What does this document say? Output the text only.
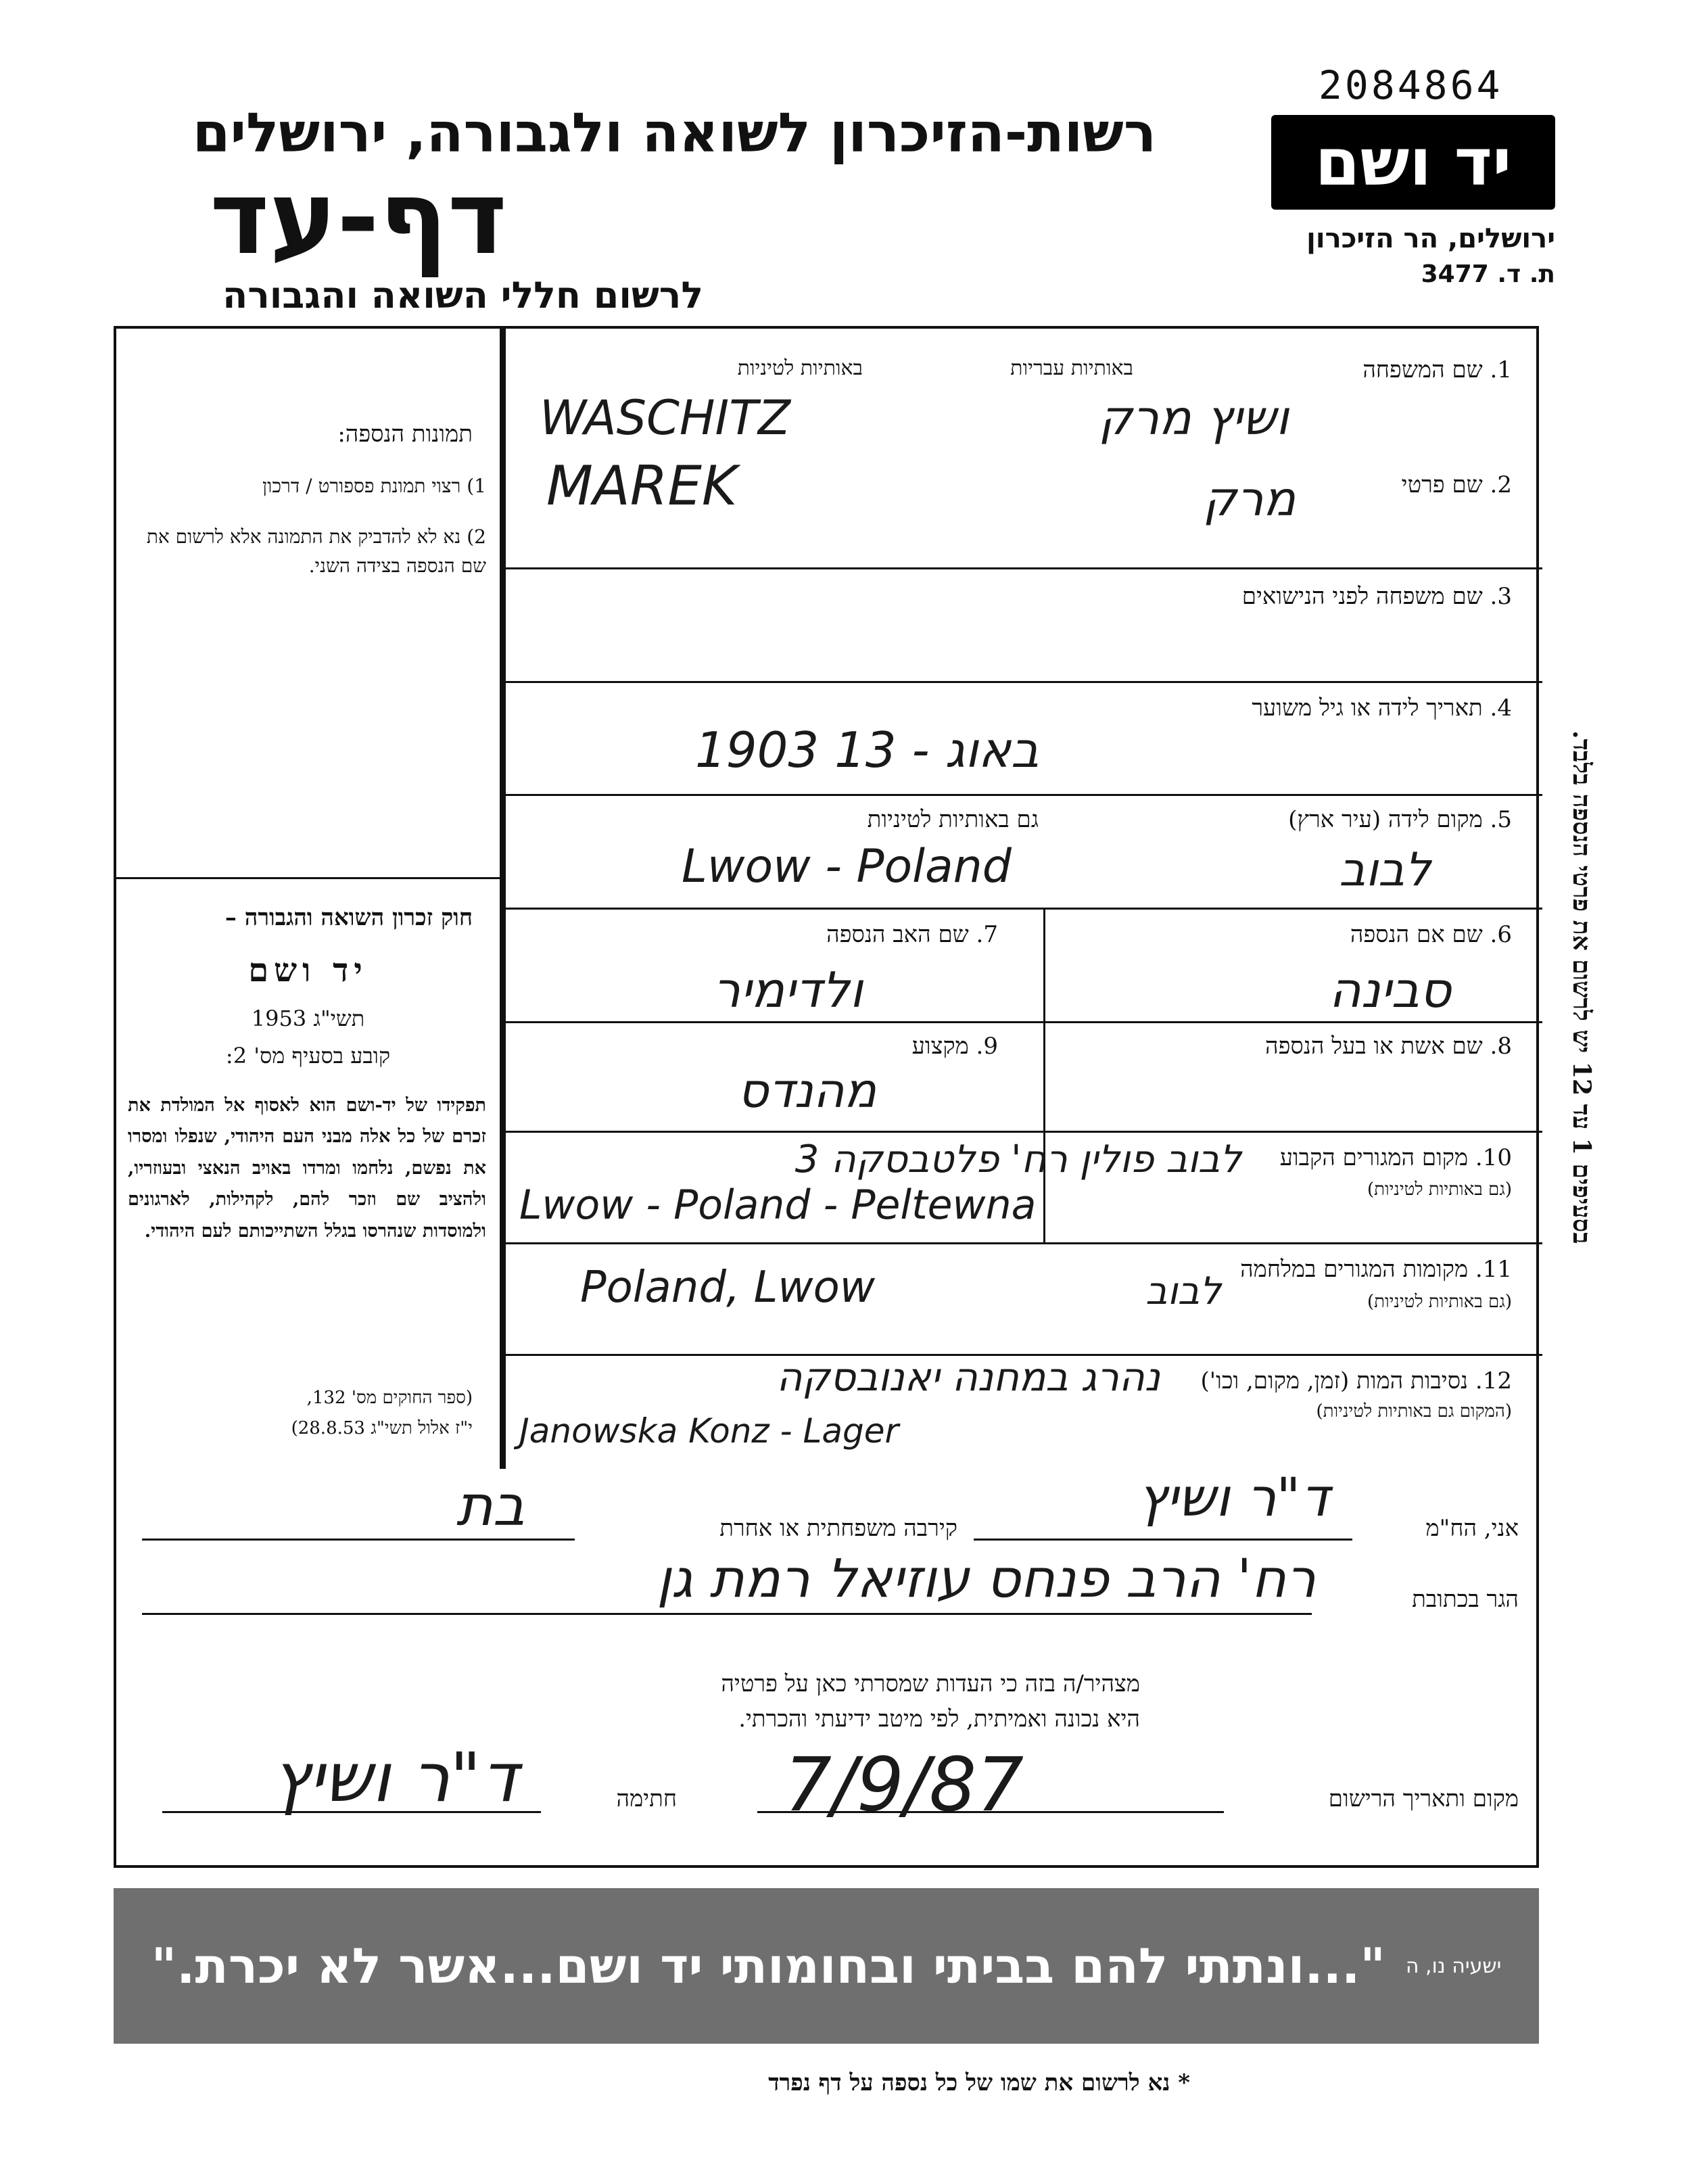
2084864
יד ושם
ירושלים, הר הזיכרון
ת. ד. 3477
רשות-הזיכרון לשואה ולגבורה, ירושלים
דף-עד
לרשום חללי השואה והגבורה
תמונות הנספה:
1) רצוי תמונת פספורט / דרכון
2) נא לא להדביק את התמונה אלא לרשום את שם הנספה בצידה השני.
חוק זכרון השואה והגבורה –
יד ושם
תשי"ג 1953
קובע בסעיף מס' 2:
תפקידו של יד-ושם הוא לאסוף אל המולדת את זכרם של כל אלה מבני העם היהודי, שנפלו ומסרו את נפשם, נלחמו ומרדו באויב הנאצי ובעוזריו, ולהציב שם וזכר להם, לקהילות, לארגונים ולמוסדות שנהרסו בגלל השתייכותם לעם היהודי.
(ספר החוקים מס' 132,
י"ז אלול תשי"ג 28.8.53)
באותיות עבריות
באותיות לטיניות	1. שם המשפחה
ושיץ מרק
WASCHITZ
2. שם פרטי
מרק
MAREK
3. שם משפחה לפני הנישואים
4. תאריך לידה או גיל משוער
1903 13 - באוג
5. מקום לידה (עיר ארץ)
גם באותיות לטיניות
לבוב
Lwow - Poland
6. שם אם הנספה
סבינה
7. שם האב הנספה
ולדימיר
8. שם אשת או בעל הנספה
9. מקצוע
מהנדס
10. מקום המגורים הקבוע
(גם באותיות לטיניות)
לבוב פולין רח' פלטבסקה 3
Lwow - Poland - Peltewna
11. מקומות המגורים במלחמה
(גם באותיות לטיניות)
לבוב
Poland, Lwow
12. נסיבות המות (זמן, מקום, וכו')
(המקום גם באותיות לטיניות)
נהרג במחנה יאנובסקה
Janowska Konz - Lager
אני, הח"מ
ד"ר ושיץ
קירבה משפחתית או אחרת
בת
הגר בכתובת
רח' הרב פנחס עוזיאל רמת גן
מצהיר/ה בזה כי העדות שמסרתי כאן על פרטיה
היא נכונה ואמיתית, לפי מיטב ידיעתי והכרתי.
מקום ותאריך הרישום
7/9/87
חתימה
ד"ר ושיץ
ישעיה נו, ה
"...ונתתי להם בביתי ובחומותי יד ושם...אשר לא יכרת."
* נא לרשום את שמו של כל נספה על דף נפרד
בסעיפים 1 עד 12 יש לרשום את פרטי הנספה בלבד.
